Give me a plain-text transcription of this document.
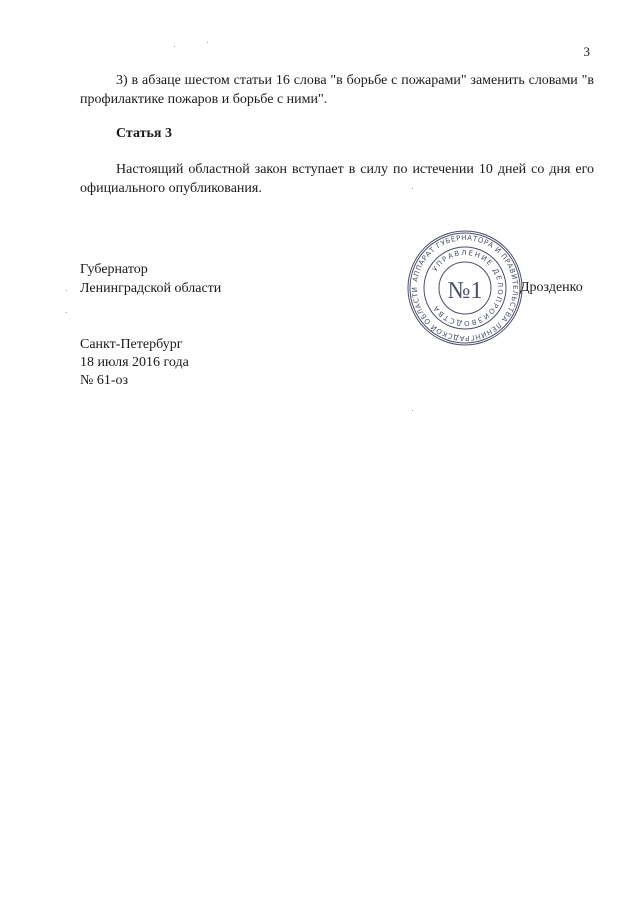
3
3) в абзаце шестом статьи 16 слова "в борьбе с пожарами" заменить словами "в профилактике пожаров и борьбе с ними".
Статья 3
Настоящий областной закон вступает в силу по истечении 10 дней со дня его официального опубликования.
Губернатор
Ленинградской области
АППАРАТ ГУБЕРНАТОРА И ПРАВИТЕЛЬСТВА ЛЕНИНГРАДСКОЙ ОБЛАСТИ
УПРАВЛЕНИЕ ДЕЛОПРОИЗВОДСТВА
№1	Дрозденко
Санкт-Петербург
18 июля 2016 года
№ 61-оз
